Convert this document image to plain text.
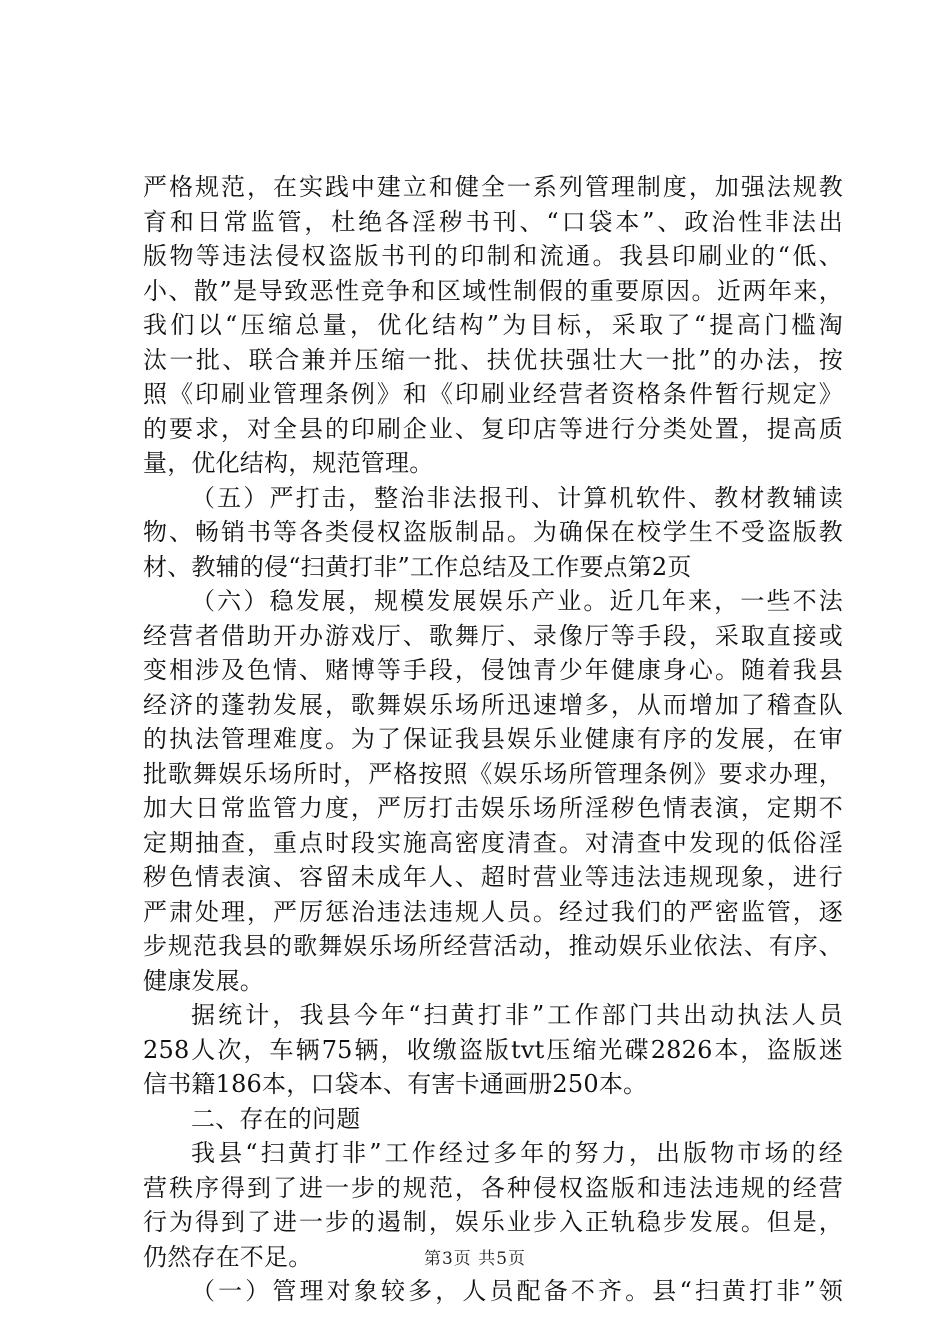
严格规范，在实践中建立和健全一系列管理制度，加强法规教
育和日常监管，杜绝各淫秽书刊、“口袋本”、政治性非法出
版物等违法侵权盗版书刊的印制和流通。我县印刷业的“低、
小、散”是导致恶性竞争和区域性制假的重要原因。近两年来，
我们以“压缩总量，优化结构”为目标，采取了“提高门槛淘
汰一批、联合兼并压缩一批、扶优扶强壮大一批”的办法，按
照《印刷业管理条例》和《印刷业经营者资格条件暂行规定》
的要求，对全县的印刷企业、复印店等进行分类处置，提高质
量，优化结构，规范管理。
（五）严打击，整治非法报刊、计算机软件、教材教辅读
物、畅销书等各类侵权盗版制品。为确保在校学生不受盗版教
材、教辅的侵“扫黄打非”工作总结及工作要点第2页
（六）稳发展，规模发展娱乐产业。近几年来，一些不法
经营者借助开办游戏厅、歌舞厅、录像厅等手段，采取直接或
变相涉及色情、赌博等手段，侵蚀青少年健康身心。随着我县
经济的蓬勃发展，歌舞娱乐场所迅速增多，从而增加了稽查队
的执法管理难度。为了保证我县娱乐业健康有序的发展，在审
批歌舞娱乐场所时，严格按照《娱乐场所管理条例》要求办理，
加大日常监管力度，严厉打击娱乐场所淫秽色情表演，定期不
定期抽查，重点时段实施高密度清查。对清查中发现的低俗淫
秽色情表演、容留未成年人、超时营业等违法违规现象，进行
严肃处理，严厉惩治违法违规人员。经过我们的严密监管，逐
步规范我县的歌舞娱乐场所经营活动，推动娱乐业依法、有序、
健康发展。
据统计，我县今年“扫黄打非”工作部门共出动执法人员
258人次，车辆75辆，收缴盗版tvt压缩光碟2826本，盗版迷
信书籍186本，口袋本、有害卡通画册250本。
二、存在的问题
我县“扫黄打非”工作经过多年的努力，出版物市场的经
营秩序得到了进一步的规范，各种侵权盗版和违法违规的经营
行为得到了进一步的遏制，娱乐业步入正轨稳步发展。但是，
仍然存在不足。
（一）管理对象较多，人员配备不齐。县“扫黄打非”领
第3页 共5页
